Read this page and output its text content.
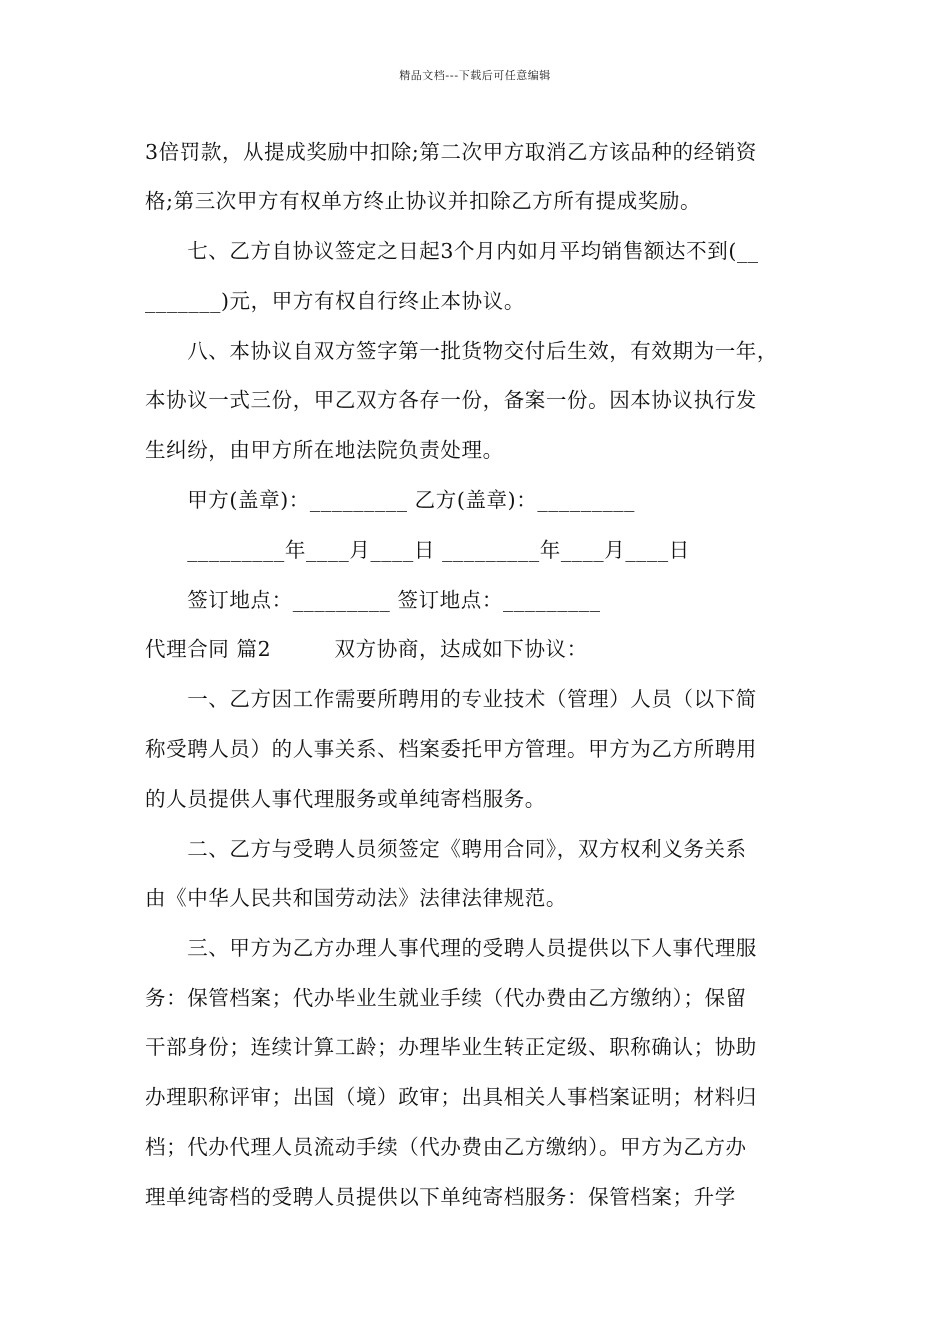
精品文档---下载后可任意编辑
3倍罚款，从提成奖励中扣除;第二次甲方取消乙方该品种的经销资
格;第三次甲方有权单方终止协议并扣除乙方所有提成奖励。
　　七、乙方自协议签定之日起3个月内如月平均销售额达不到(__
_______)元，甲方有权自行终止本协议。
　　八、本协议自双方签字第一批货物交付后生效，有效期为一年，
本协议一式三份，甲乙双方各存一份，备案一份。因本协议执行发
生纠纷，由甲方所在地法院负责处理。
　　甲方(盖章)：_________ 乙方(盖章)：_________
　　_________年____月____日 _________年____月____日
　　签订地点：_________ 签订地点：_________
代理合同 篇2　　　双方协商，达成如下协议：
　　一、乙方因工作需要所聘用的专业技术（管理）人员（以下简
称受聘人员）的人事关系、档案委托甲方管理。甲方为乙方所聘用
的人员提供人事代理服务或单纯寄档服务。
　　二、乙方与受聘人员须签定《聘用合同》，双方权利义务关系
由《中华人民共和国劳动法》法律法律规范。
　　三、甲方为乙方办理人事代理的受聘人员提供以下人事代理服
务：保管档案；代办毕业生就业手续（代办费由乙方缴纳）；保留
干部身份；连续计算工龄；办理毕业生转正定级、职称确认；协助
办理职称评审；出国（境）政审；出具相关人事档案证明；材料归
档；代办代理人员流动手续（代办费由乙方缴纳）。甲方为乙方办
理单纯寄档的受聘人员提供以下单纯寄档服务：保管档案；升学
